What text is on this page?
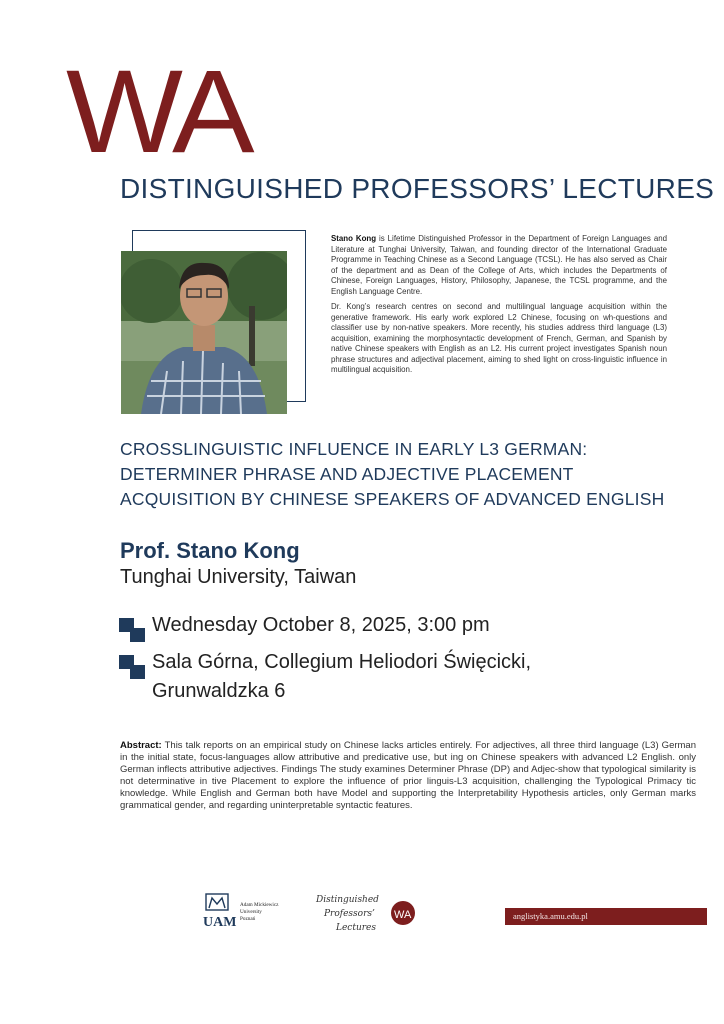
WA
DISTINGUISHED PROFESSORS’ LECTURES

Stano Kong is Lifetime Distinguished Professor in the Department of Foreign Languages and Literature at Tunghai University, Taiwan, and founding director of the International Graduate Programme in Teaching Chinese as a Second Language (TCSL). He has also served as Chair of the department and as Dean of the College of Arts, which includes the Departments of Chinese, Foreign Languages, History, Philosophy, Japanese, the TCSL programme, and the English Language Centre.

Dr. Kong’s research centres on second and multilingual language acquisition within the generative framework. His early work explored L2 Chinese, focusing on wh-questions and classifier use by non-native speakers. More recently, his studies address third language (L3) acquisition, examining the morphosyntactic development of French, German, and Spanish by native Chinese speakers with English as an L2. His current project investigates Spanish noun phrase structures and adjectival placement, aiming to shed light on cross-linguistic influence in multilingual acquisition.

CROSSLINGUISTIC INFLUENCE IN EARLY L3 GERMAN: DETERMINER PHRASE AND ADJECTIVE PLACEMENT ACQUISITION BY CHINESE SPEAKERS OF ADVANCED ENGLISH
Prof. Stano Kong
Tunghai University, Taiwan
Wednesday October 8, 2025, 3:00 pm
Sala Górna, Collegium Heliodori Święcicki,
Grunwaldzka 6
Abstract: This talk reports on an empirical study on Chinese lacks articles entirely. For adjectives, all three third language (L3) German in the initial state, focus-languages allow attributive and predicative use, but ing on Chinese speakers with advanced L2 English. only German inflects attributive adjectives. Findings The study examines Determiner Phrase (DP) and Adjec-show that typological similarity is not determinative in tive Placement to explore the influence of prior linguis-L3 acquisition, challenging the Typological Primacy tic knowledge. While English and German both have Model and supporting the Interpretability Hypothesis articles, only German marks grammatical gender, and regarding uninterpretable syntactic features.
UAM
Adam Mickiewicz
University
Poznań
Distinguished
Professors’
Lectures
WA	anglistyka.amu.edu.pl
